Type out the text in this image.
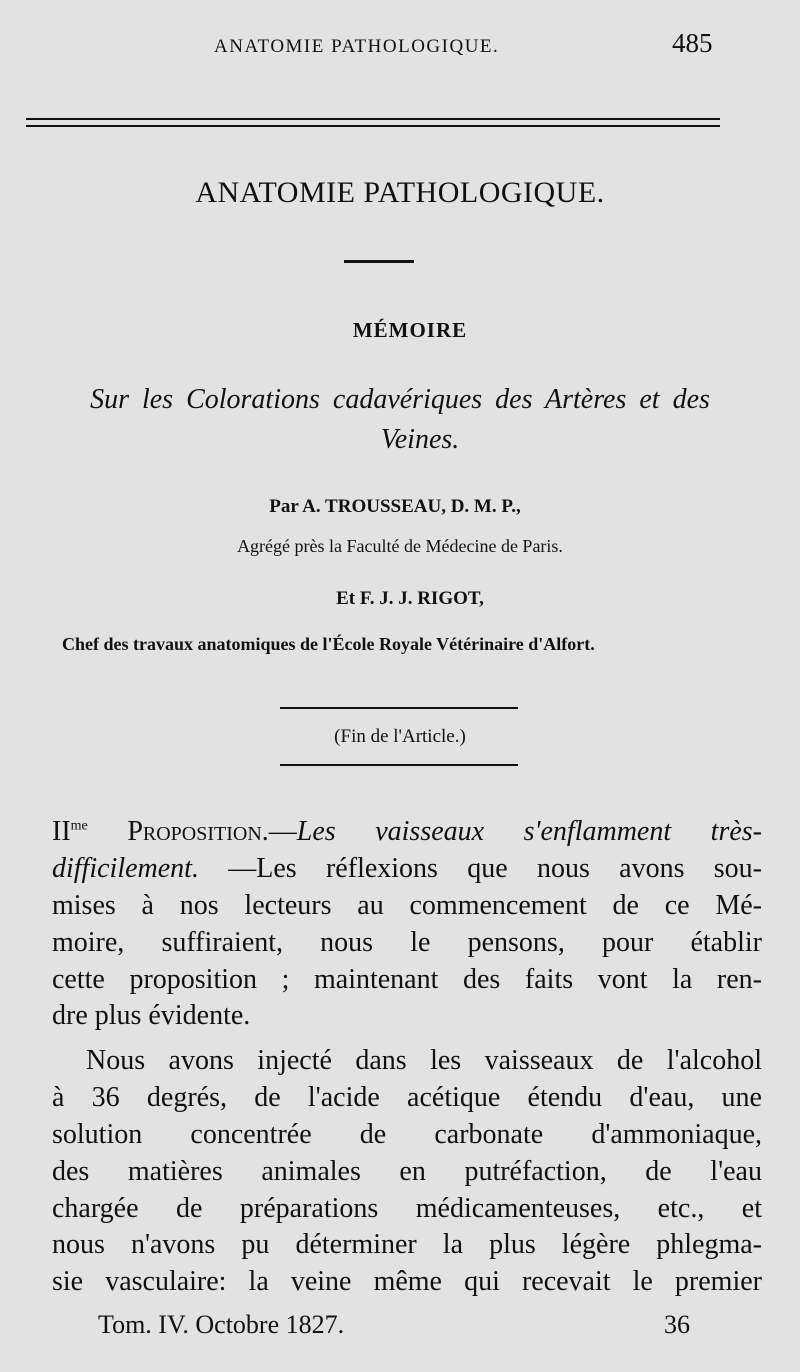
ANATOMIE PATHOLOGIQUE.	485
ANATOMIE PATHOLOGIQUE.
MÉMOIRE
Sur les Colorations cadavériques des Artères et des
Veines.
Par A. TROUSSEAU, D. M. P.,
Agrégé près la Faculté de Médecine de Paris.
Et F. J. J. RIGOT,
Chef des travaux anatomiques de l'École Royale Vétérinaire d'Alfort.
(Fin de l'Article.)
$II^{me}$ Proposition.—Les vaisseaux s'enflamment très-
difficilement. —Les réflexions que nous avons sou-
mises à nos lecteurs au commencement de ce Mé-
moire, suffiraient, nous le pensons, pour établir
cette proposition ; maintenant des faits vont la ren-
dre plus évidente.
Nous avons injecté dans les vaisseaux de l'alcohol
à 36 degrés, de l'acide acétique étendu d'eau, une
solution concentrée de carbonate d'ammoniaque,
des matières animales en putréfaction, de l'eau
chargée de préparations médicamenteuses, etc., et
nous n'avons pu déterminer la plus légère phlegma-
sie vasculaire: la veine même qui recevait le premier
Tom. IV. Octobre 1827.	36
